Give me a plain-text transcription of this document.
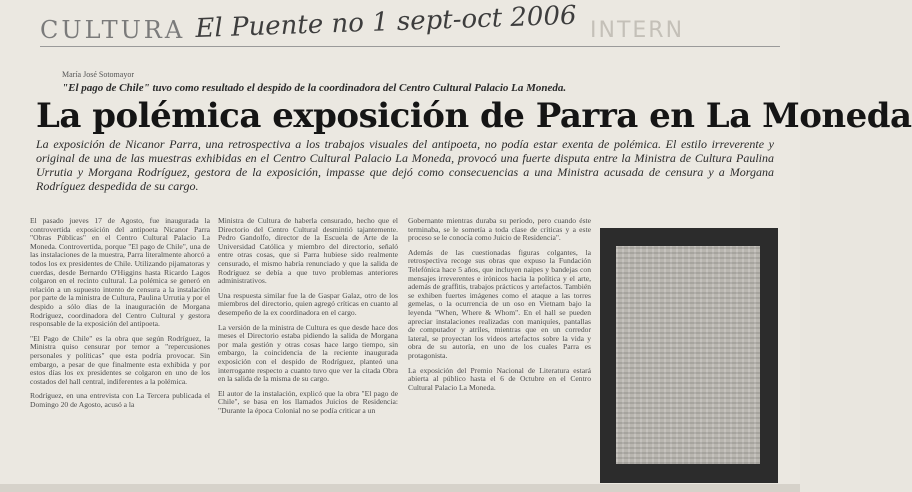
CULTURA El Puente no 1 sept-oct 2006 INTERN
María José Sotomayor
"El pago de Chile" tuvo como resultado el despido de la coordinadora del Centro Cultural Palacio La Moneda.
La polémica exposición de Parra en La Moneda
La exposición de Nicanor Parra, una retrospectiva a los trabajos visuales del antipoeta, no podía estar exenta de polémica. El estilo irreverente y original de una de las muestras exhibidas en el Centro Cultural Palacio La Moneda, provocó una fuerte disputa entre la Ministra de Cultura Paulina Urrutia y Morgana Rodríguez, gestora de la exposición, impasse que dejó como consecuencias a una Ministra acusada de censura y a Morgana Rodríguez despedida de su cargo.

El pasado jueves 17 de Agosto, fue inaugurada la controvertida exposición del antipoeta Nicanor Parra "Obras Públicas" en el Centro Cultural Palacio La Moneda. Controvertida, porque "El pago de Chile", una de las instalaciones de la muestra, Parra literalmente ahorcó a todos los ex presidentes de Chile. Utilizando pijamatoras y cuerdas, desde Bernardo O'Higgins hasta Ricardo Lagos colgaron en el recinto cultural. La polémica se generó en relación a un supuesto intento de censura a la instalación por parte de la ministra de Cultura, Paulina Urrutia y por el despido a sólo días de la inauguración de Morgana Rodríguez, coordinadora del Centro Cultural y gestora responsable de la exposición del antipoeta.

"El Pago de Chile" es la obra que según Rodríguez, la Ministra quiso censurar por temor a "repercusiones personales y políticas" que esta podría provocar. Sin embargo, a pesar de que finalmente esta exhibida y por estos días los ex presidentes se colgaron en uno de los costados del hall central, indiferentes a la polémica.

Rodríguez, en una entrevista con La Tercera publicada el Domingo 20 de Agosto, acusó a la

Ministra de Cultura de haberla censurado, hecho que el Directorio del Centro Cultural desmintió tajantemente. Pedro Gandolfo, director de la Escuela de Arte de la Universidad Católica y miembro del directorio, señaló entre otras cosas, que si Parra hubiese sido realmente censurado, el mismo habría renunciado y que la salida de Rodríguez se debía a que tuvo problemas anteriores administrativos.

Una respuesta similar fue la de Gaspar Galaz, otro de los miembros del directorio, quien agregó críticas en cuanto al desempeño de la ex coordinadora en el cargo.

La versión de la ministra de Cultura es que desde hace dos meses el Directorio estaba pidiendo la salida de Morgana por mala gestión y otras cosas hace largo tiempo, sin embargo, la coincidencia de la reciente inaugurada exposición con el despido de Rodríguez, planteó una interrogante respecto a cuanto tuvo que ver la citada Obra en la salida de la misma de su cargo.

El autor de la instalación, explicó que la obra "El pago de Chile", se basa en los llamados Juicios de Residencia: "Durante la época Colonial no se podía criticar a un

Gobernante mientras duraba su período, pero cuando éste terminaba, se le sometía a toda clase de críticas y a este proceso se le conocía como Juicio de Residencia".

Además de las cuestionadas figuras colgantes, la retrospectiva recoge sus obras que expuso la Fundación Telefónica hace 5 años, que incluyen naipes y bandejas con mensajes irreverentes e irónicos hacia la política y el arte, además de graffitis, trabajos prácticos y artefactos. También se exhiben fuertes imágenes como el ataque a las torres gemelas, o la ocurrencia de un oso en Vietnam bajo la leyenda "When, Where & Whom". En el hall se pueden apreciar instalaciones realizadas con maniquíes, pantallas de computador y atriles, mientras que en un corredor lateral, se proyectan los videos artefactos sobre la vida y obra de su autoría, en uno de los cuales Parra es protagonista.

La exposición del Premio Nacional de Literatura estará abierta al público hasta el 6 de Octubre en el Centro Cultural Palacio La Moneda.
